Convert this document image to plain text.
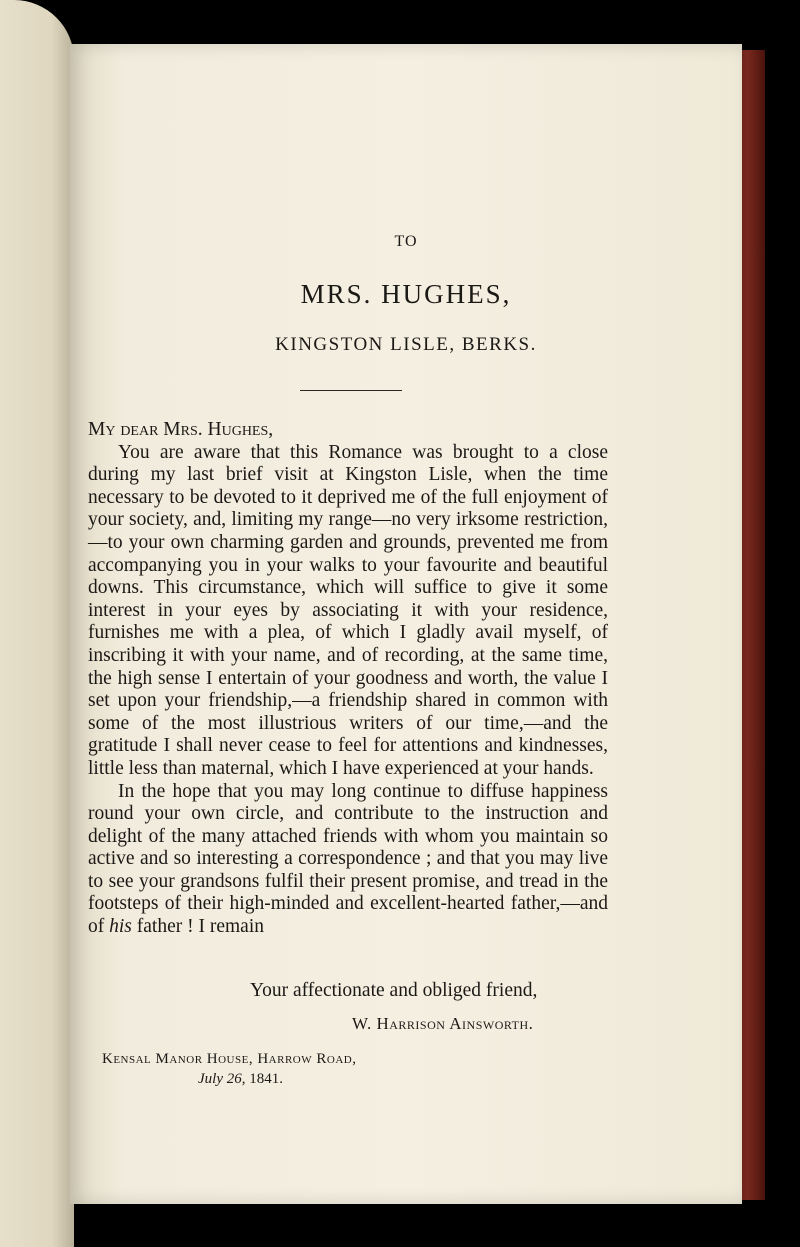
TO
MRS. HUGHES,
KINGSTON LISLE, BERKS.
My dear Mrs. Hughes,

You are aware that this Romance was brought to a close during my last brief visit at Kingston Lisle, when the time necessary to be devoted to it deprived me of the full enjoyment of your society, and, limiting my range—no very irksome restriction,—to your own charming garden and grounds, prevented me from accompanying you in your walks to your favourite and beautiful downs. This circumstance, which will suffice to give it some interest in your eyes by associating it with your residence, furnishes me with a plea, of which I gladly avail myself, of inscribing it with your name, and of recording, at the same time, the high sense I entertain of your goodness and worth, the value I set upon your friendship,—a friendship shared in common with some of the most illustrious writers of our time,—and the gratitude I shall never cease to feel for attentions and kindnesses, little less than maternal, which I have experienced at your hands.

In the hope that you may long continue to diffuse happiness round your own circle, and contribute to the instruction and delight of the many attached friends with whom you maintain so active and so interesting a correspondence ; and that you may live to see your grandsons fulfil their present promise, and tread in the footsteps of their high-minded and excellent-hearted father,—and of his father ! I remain

Your affectionate and obliged friend,
W. Harrison Ainsworth.
Kensal Manor House, Harrow Road,
July 26, 1841.
